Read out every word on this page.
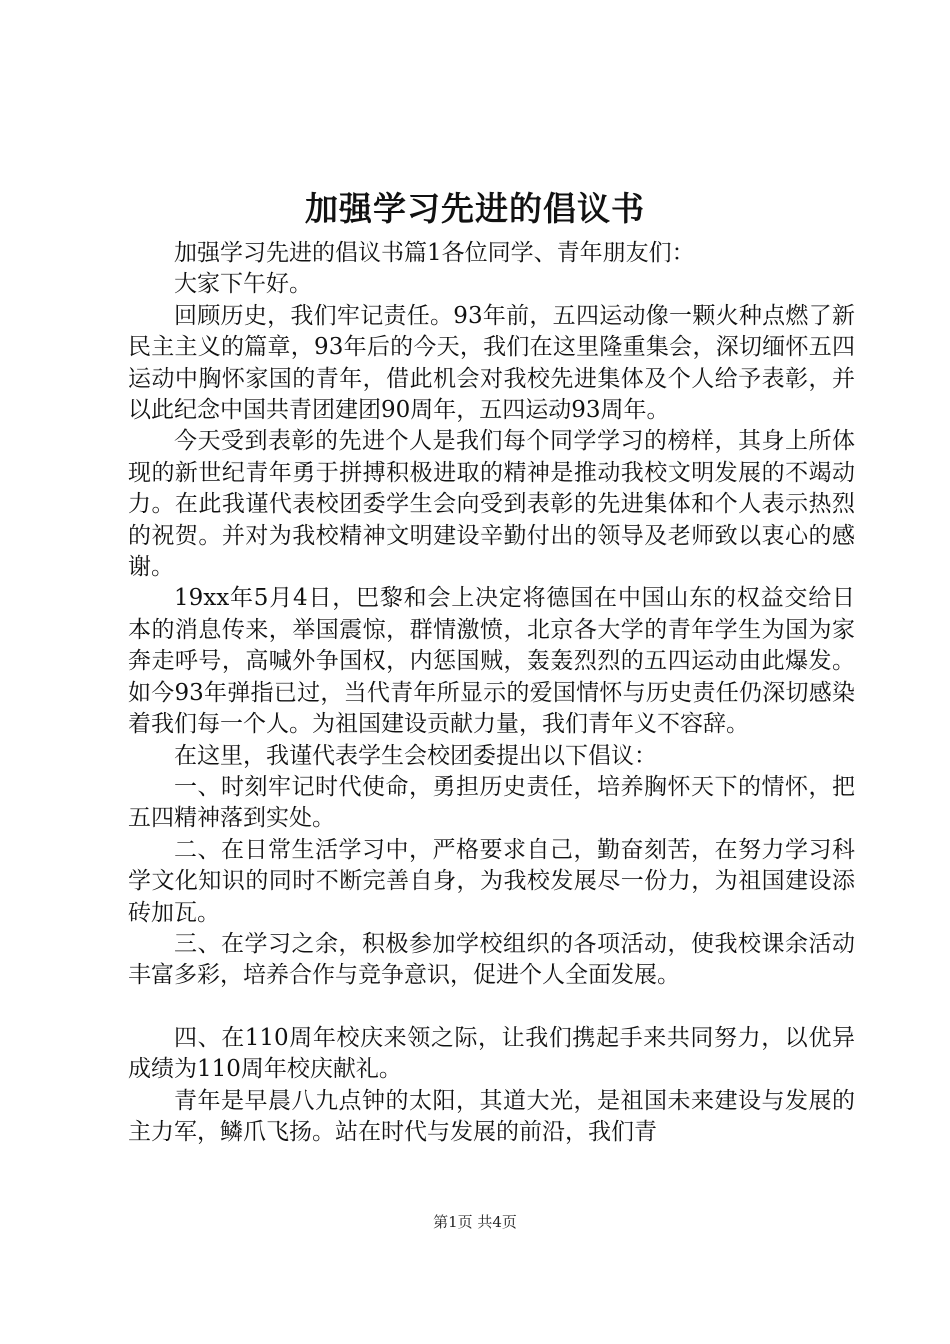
加强学习先进的倡议书

加强学习先进的倡议书篇1各位同学、青年朋友们：

大家下午好。

回顾历史，我们牢记责任。93年前，五四运动像一颗火种点燃了新民主主义的篇章，93年后的今天，我们在这里隆重集会，深切缅怀五四运动中胸怀家国的青年，借此机会对我校先进集体及个人给予表彰，并以此纪念中国共青团建团90周年，五四运动93周年。

今天受到表彰的先进个人是我们每个同学学习的榜样，其身上所体现的新世纪青年勇于拼搏积极进取的精神是推动我校文明发展的不竭动力。在此我谨代表校团委学生会向受到表彰的先进集体和个人表示热烈的祝贺。并对为我校精神文明建设辛勤付出的领导及老师致以衷心的感谢。

19xx年5月4日，巴黎和会上决定将德国在中国山东的权益交给日本的消息传来，举国震惊，群情激愤，北京各大学的青年学生为国为家奔走呼号，高喊外争国权，内惩国贼，轰轰烈烈的五四运动由此爆发。如今93年弹指已过，当代青年所显示的爱国情怀与历史责任仍深切感染着我们每一个人。为祖国建设贡献力量，我们青年义不容辞。

在这里，我谨代表学生会校团委提出以下倡议：

一、时刻牢记时代使命，勇担历史责任，培养胸怀天下的情怀，把五四精神落到实处。

二、在日常生活学习中，严格要求自己，勤奋刻苦，在努力学习科学文化知识的同时不断完善自身，为我校发展尽一份力，为祖国建设添砖加瓦。

三、在学习之余，积极参加学校组织的各项活动，使我校课余活动丰富多彩，培养合作与竞争意识，促进个人全面发展。

四、在110周年校庆来领之际，让我们携起手来共同努力，以优异成绩为110周年校庆献礼。

青年是早晨八九点钟的太阳，其道大光，是祖国未来建设与发展的主力军，鳞爪飞扬。站在时代与发展的前沿，我们青

第1页 共4页
